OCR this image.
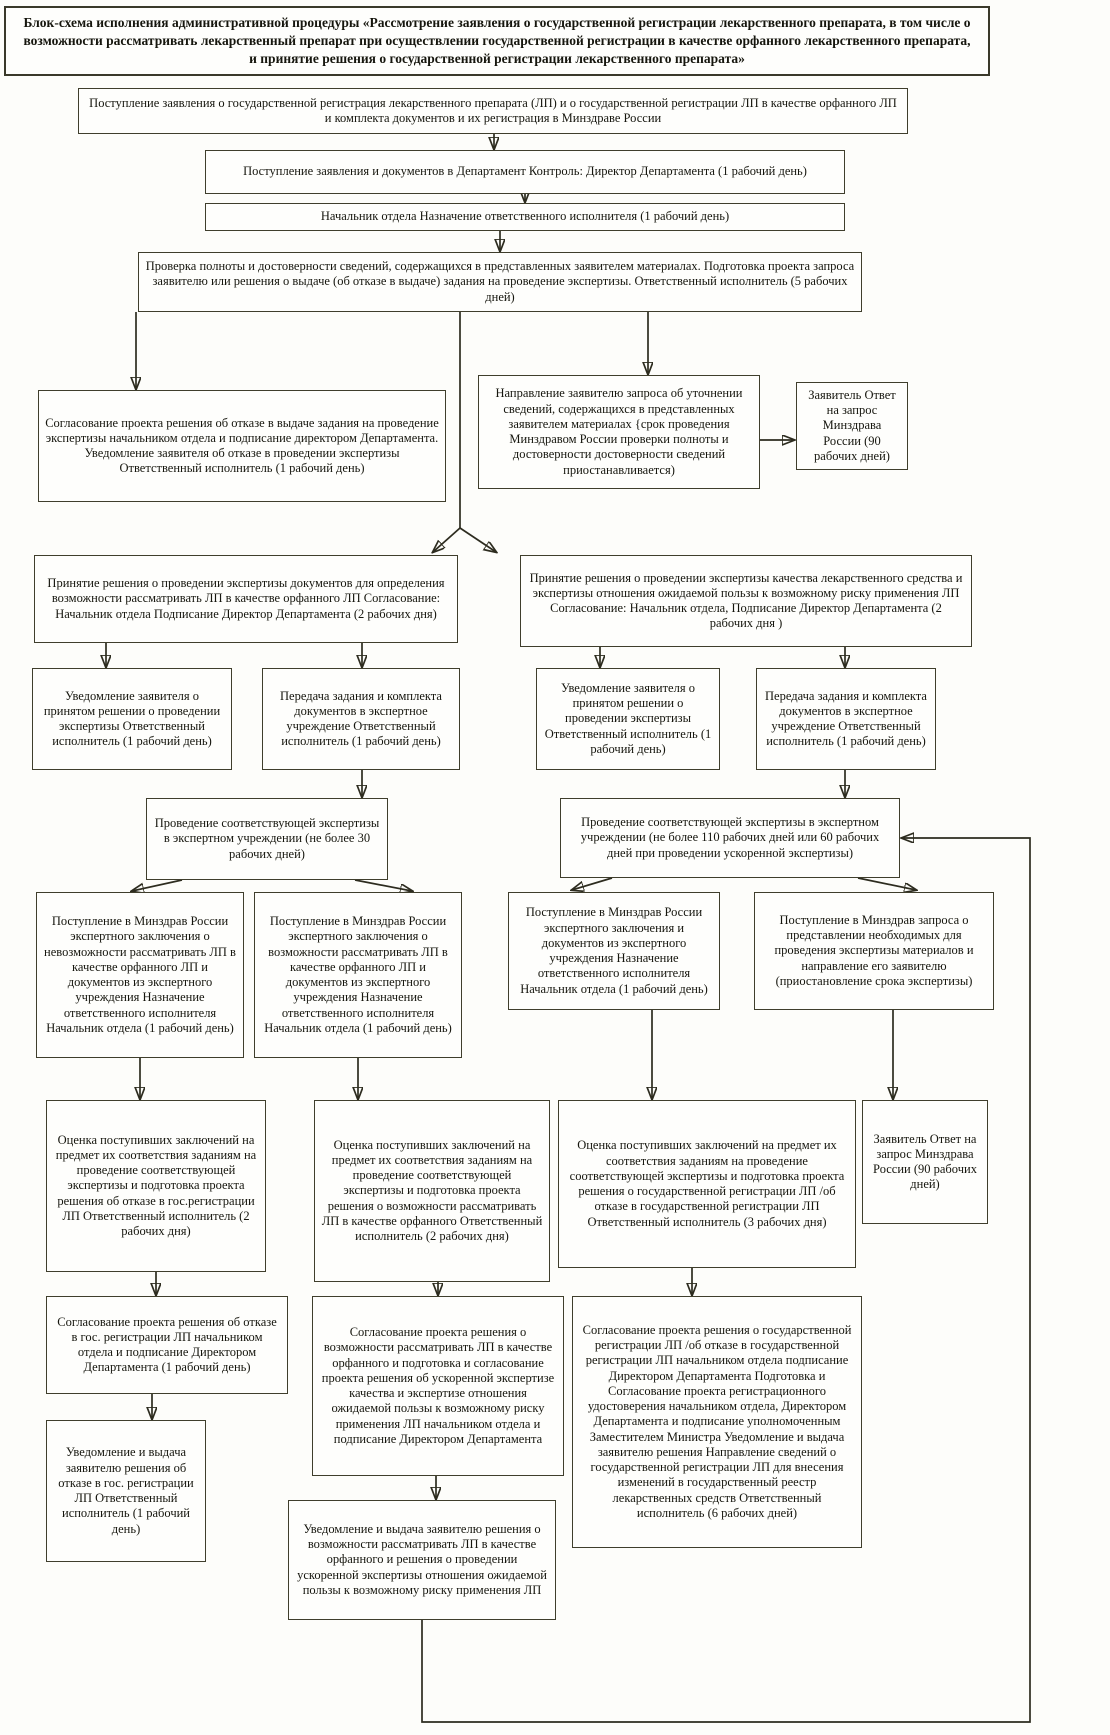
Блок-схема исполнения административной процедуры «Рассмотрение заявления о государственной регистрации лекарственного препарата, в том числе о возможности рассматривать лекарственный препарат при осуществлении государственной регистрации в качестве орфанного лекарственного препарата, и принятие решения о государственной регистрации лекарственного препарата»
Поступление заявления о государственной регистрация лекарственного препарата (ЛП) и о государственной регистрации ЛП в качестве орфанного ЛП и комплекта документов и их регистрация в Минздраве России
Поступление заявления и документов в Департамент Контроль: Директор Департамента (1 рабочий день)
Начальник отдела Назначение ответственного исполнителя (1 рабочий день)
Проверка полноты и достоверности сведений, содержащихся в представленных заявителем материалах. Подготовка проекта запроса заявителю или решения о выдаче (об отказе в выдаче) задания на проведение экспертизы. Ответственный исполнитель (5 рабочих дней)
Согласование проекта решения об отказе в выдаче задания на проведение экспертизы начальником отдела и подписание директором Департамента. Уведомление заявителя об отказе в проведении экспертизы Ответственный исполнитель (1 рабочий день)
Направление заявителю запроса об уточнении сведений, содержащихся в представленных заявителем материалах {срок проведения Минздравом России проверки полноты и достоверности достоверности сведений приостанавливается)
Заявитель Ответ на запрос Минздрава России (90 рабочих дней)
Принятие решения о проведении экспертизы документов для определения возможности рассматривать ЛП в качестве орфанного ЛП Согласование: Начальник отдела Подписание Директор Департамента (2 рабочих дня)
Принятие решения о проведении экспертизы качества лекарственного средства и экспертизы отношения ожидаемой пользы к возможному риску применения ЛП Согласование: Начальник отдела, Подписание Директор Департамента (2 рабочих дня )
Уведомление заявителя о принятом решении о проведении экспертизы Ответственный исполнитель (1 рабочий день)
Передача задания и комплекта документов в экспертное учреждение Ответственный исполнитель (1 рабочий день)
Уведомление заявителя о принятом решении о проведении экспертизы Ответственный исполнитель (1 рабочий день)
Передача задания и комплекта документов в экспертное учреждение Ответственный исполнитель (1 рабочий день)
Проведение соответствующей экспертизы в экспертном учреждении (не более 30 рабочих дней)
Проведение соответствующей экспертизы в экспертном учреждении (не более 110 рабочих дней или 60 рабочих дней при проведении ускоренной экспертизы)
Поступление в Минздрав России экспертного заключения о невозможности рассматривать ЛП в качестве орфанного ЛП и документов из экспертного учреждения Назначение ответственного исполнителя Начальник отдела (1 рабочий день)
Поступление в Минздрав России экспертного заключения о возможности рассматривать ЛП в качестве орфанного ЛП и документов из экспертного учреждения Назначение ответственного исполнителя Начальник отдела (1 рабочий день)
Поступление в Минздрав России экспертного заключения и документов из экспертного учреждения Назначение ответственного исполнителя Начальник отдела (1 рабочий день)
Поступление в Минздрав запроса о представлении необходимых для проведения экспертизы материалов и направление его заявителю (приостановление срока экспертизы)
Оценка поступивших заключений на предмет их соответствия заданиям на проведение соответствующей экспертизы и подготовка проекта решения об отказе в гос.регистрации ЛП Ответственный исполнитель (2 рабочих дня)
Оценка поступивших заключений на предмет их соответствия заданиям на проведение соответствующей экспертизы и подготовка проекта решения о возможности рассматривать ЛП в качестве орфанного Ответственный исполнитель (2 рабочих дня)
Оценка поступивших заключений на предмет их соответствия заданиям на проведение соответствующей экспертизы и подготовка проекта решения о государственной регистрации ЛП /об отказе в государственной регистрации ЛП Ответственный исполнитель (3 рабочих дня)
Заявитель Ответ на запрос Минздрава России (90 рабочих дней)
Согласование проекта решения об отказе в гос. регистрации ЛП начальником отдела и подписание Директором Департамента (1 рабочий день)
Согласование проекта решения о возможности рассматривать ЛП в качестве орфанного и подготовка и согласование проекта решения об ускоренной экспертизе качества и экспертизе отношения ожидаемой пользы к возможному риску применения ЛП начальником отдела и подписание Директором Департамента
Согласование проекта решения о государственной регистрации ЛП /об отказе в государственной регистрации ЛП начальником отдела подписание Директором Департамента Подготовка и Согласование проекта регистрационного удостоверения начальником отдела, Директором Департамента и подписание уполномоченным Заместителем Министра Уведомление и выдача заявителю решения Направление сведений о государственной регистрации ЛП для внесения изменений в государственный реестр лекарственных средств Ответственный исполнитель (6 рабочих дней)
Уведомление и выдача заявителю решения об отказе в гос. регистрации ЛП Ответственный исполнитель (1 рабочий день)	Уведомление и выдача заявителю решения о возможности рассматривать ЛП в качестве орфанного и решения о проведении ускоренной экспертизы отношения ожидаемой пользы к возможному риску применения ЛП
